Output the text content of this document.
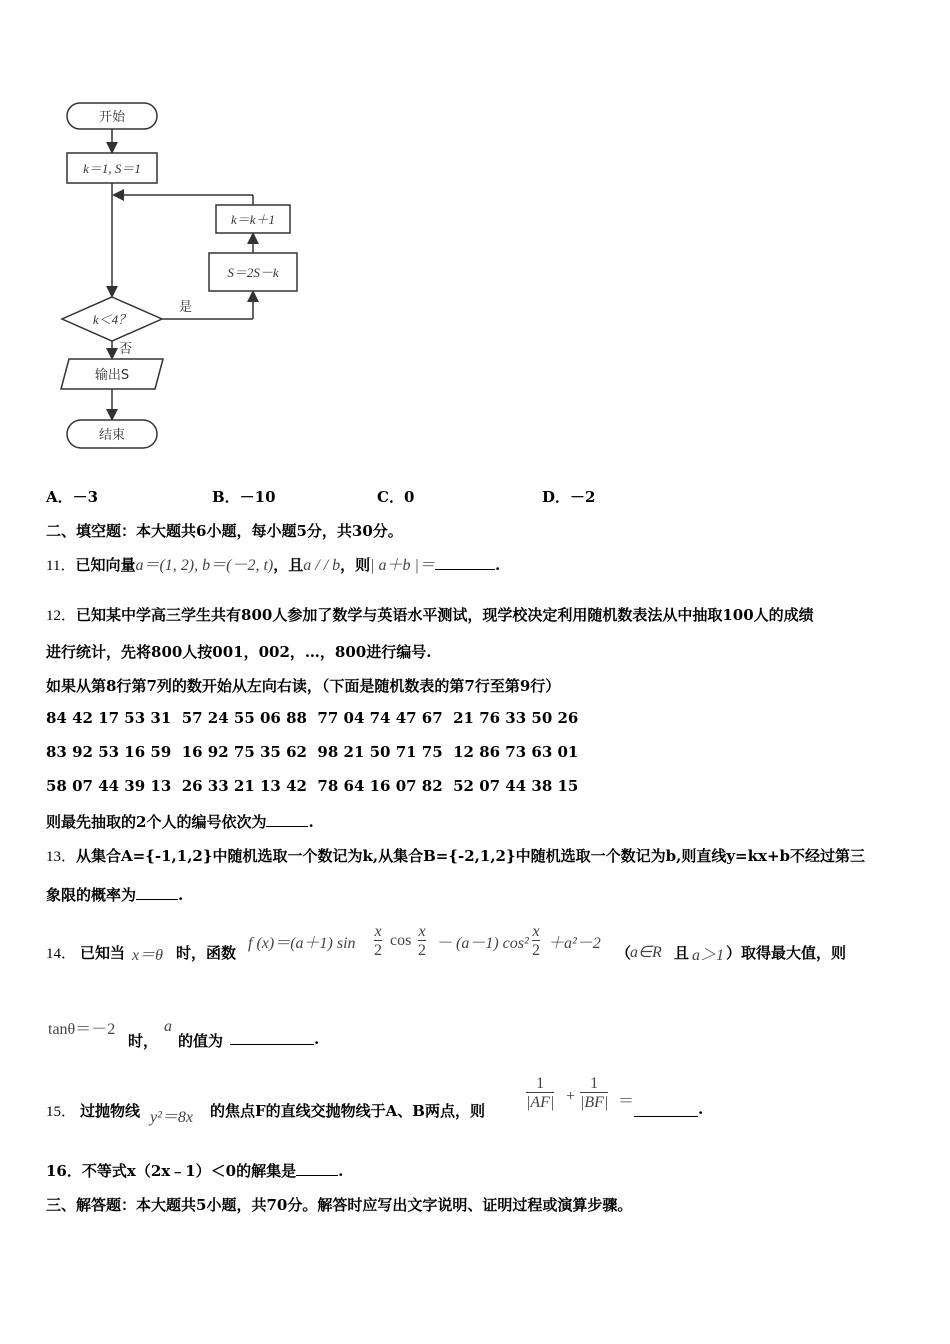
开始
k＝1, S＝1
k＝k＋1
S＝2S－k
k＜4？
是
否
输出S
结束
A．－3	B．－10	C．0	D．－2
二、填空题：本大题共6小题，每小题5分，共30分。
11．已知向量a＝(1, 2), b＝(－2, t)，且a / / b，则| a＋b |＝	.
12．已知某中学高三学生共有800人参加了数学与英语水平测试，现学校决定利用随机数表法从中抽取100人的成绩
进行统计，先将800人按001，002，…，800进行编号.
如果从第8行第7列的数开始从左向右读，（下面是随机数表的第7行至第9行）
84 42 17 53 31  57 24 55 06 88  77 04 74 47 67  21 76 33 50 26
83 92 53 16 59  16 92 75 35 62  98 21 50 71 75  12 86 73 63 01
58 07 44 39 13  26 33 21 13 42  78 64 16 07 82  52 07 44 38 15
则最先抽取的2个人的编号依次为	.
13．从集合A={-1,1,2}中随机选取一个数记为k,从集合B={-2,1,2}中随机选取一个数记为b,则直线y=kx+b不经过第三
象限的概率为	.
14． 已知当 x＝θ 时，函数
f (x)＝(a＋1) $\sin \frac{x}{2}$ $\cos \frac{x}{2} - (a-1)$ $\cos^2 \frac{x}{2} +a^2-2$
（
a∈R 且 a＞1 ）取得最大值，则
tanθ＝－2
时，
a
的值为	.
15． 过抛物线 y²＝8x 的焦点F的直线交抛物线于A、B两点，则	$\frac{1}{|AF|} + \frac{1}{|BF|}$ ＝	.
16．不等式x（2x﹣1）＜0的解集是	.
三、解答题：本大题共5小题，共70分。解答时应写出文字说明、证明过程或演算步骤。
